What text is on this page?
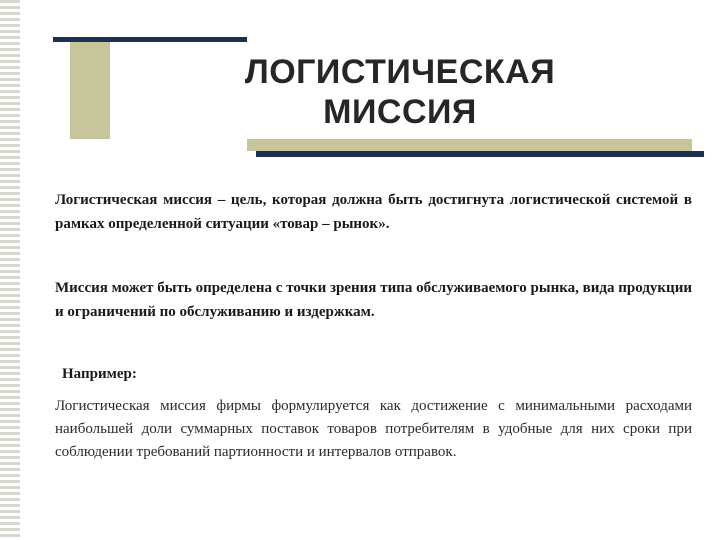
ЛОГИСТИЧЕСКАЯ
МИССИЯ

Логистическая миссия – цель, которая должна быть достигнута логистической системой в рамках определенной ситуации «товар – рынок».

Миссия может быть определена с точки зрения типа обслуживаемого рынка, вида продукции и ограничений по обслуживанию и издержкам.

Например:

Логистическая миссия фирмы формулируется как достижение с минимальными расходами наибольшей доли суммарных поставок товаров потребителям в удобные для них сроки при соблюдении требований партионности и интервалов отправок.
